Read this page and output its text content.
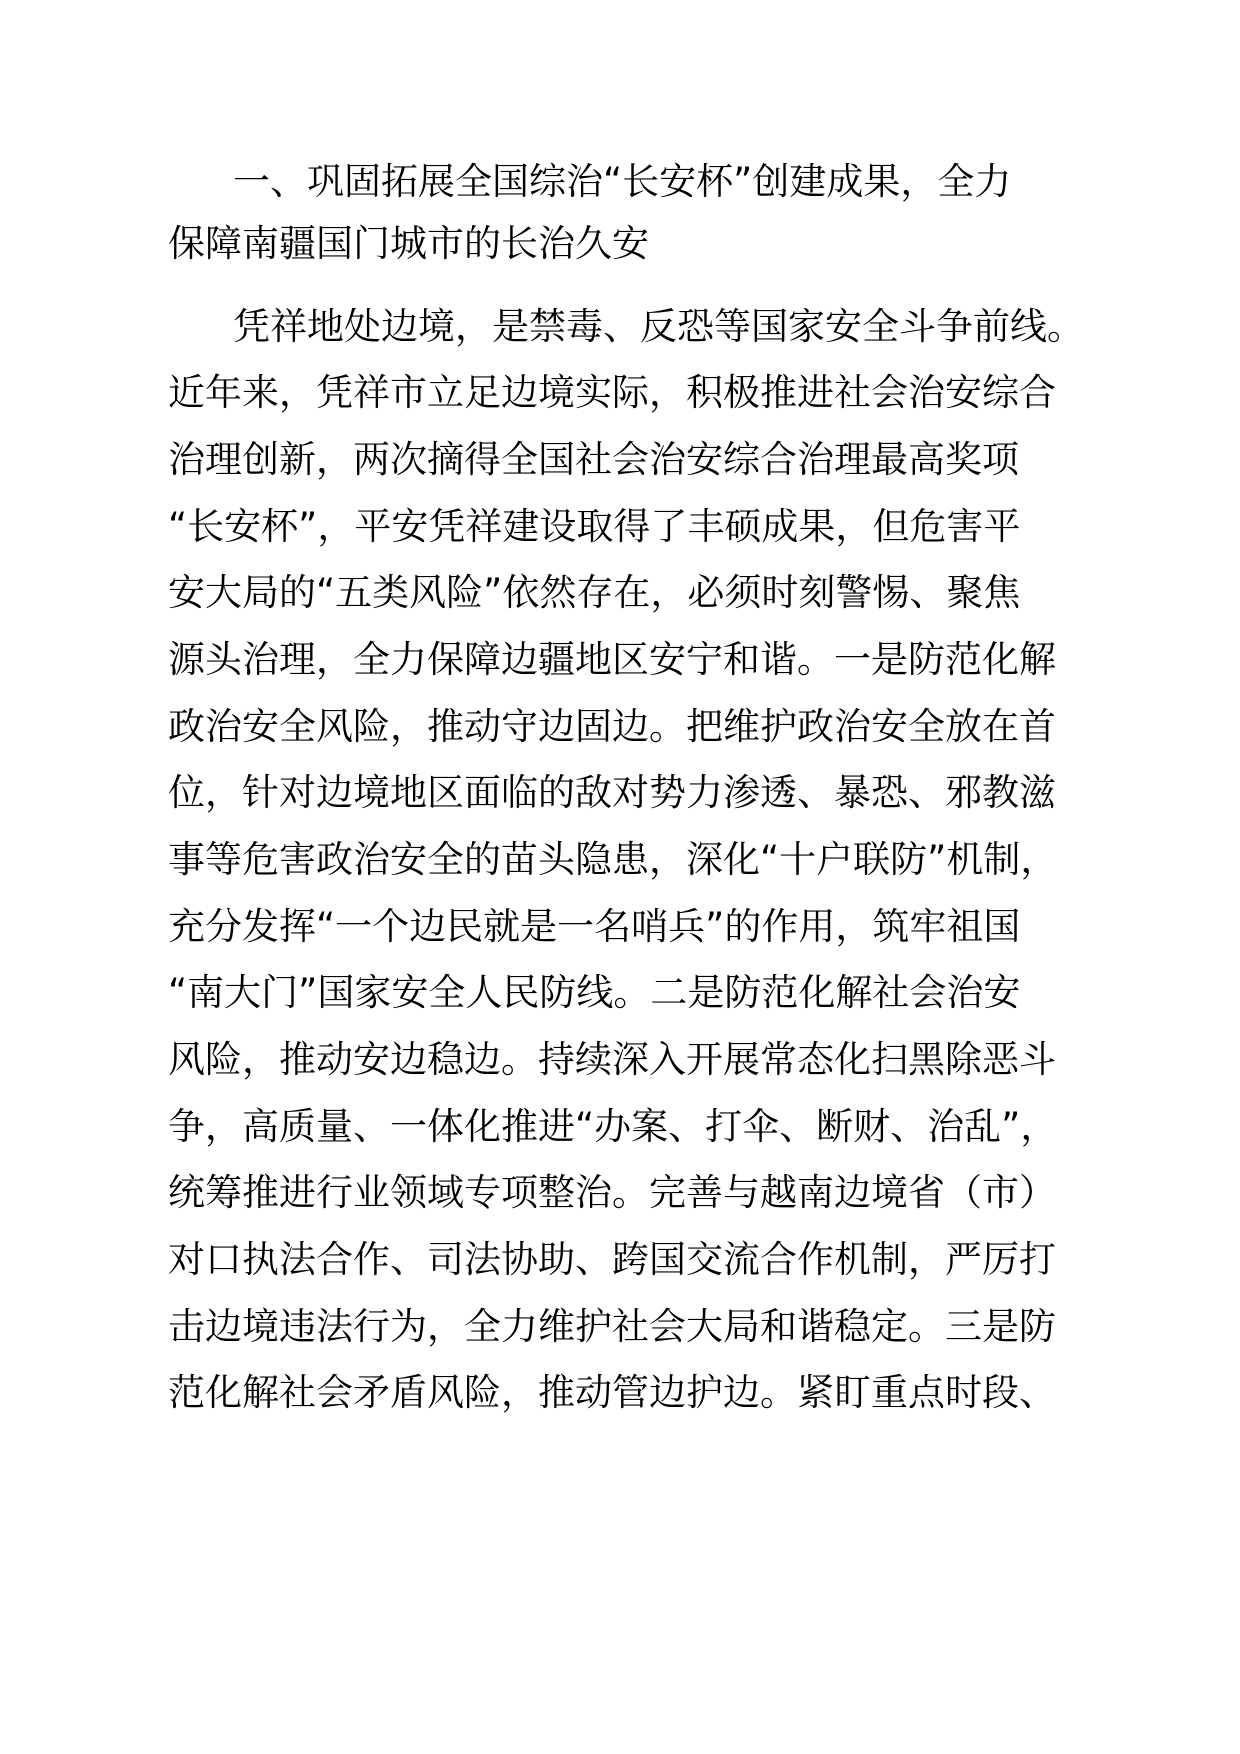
一、巩固拓展全国综治“长安杯”创建成果，全力
保障南疆国门城市的长治久安
凭祥地处边境，是禁毒、反恐等国家安全斗争前线。
近年来，凭祥市立足边境实际，积极推进社会治安综合
治理创新，两次摘得全国社会治安综合治理最高奖项
“长安杯”，平安凭祥建设取得了丰硕成果，但危害平
安大局的“五类风险”依然存在，必须时刻警惕、聚焦
源头治理，全力保障边疆地区安宁和谐。一是防范化解
政治安全风险，推动守边固边。把维护政治安全放在首
位，针对边境地区面临的敌对势力渗透、暴恐、邪教滋
事等危害政治安全的苗头隐患，深化“十户联防”机制，
充分发挥“一个边民就是一名哨兵”的作用，筑牢祖国
“南大门”国家安全人民防线。二是防范化解社会治安
风险，推动安边稳边。持续深入开展常态化扫黑除恶斗
争，高质量、一体化推进“办案、打伞、断财、治乱”，
统筹推进行业领域专项整治。完善与越南边境省（市）
对口执法合作、司法协助、跨国交流合作机制，严厉打
击边境违法行为，全力维护社会大局和谐稳定。三是防
范化解社会矛盾风险，推动管边护边。紧盯重点时段、
